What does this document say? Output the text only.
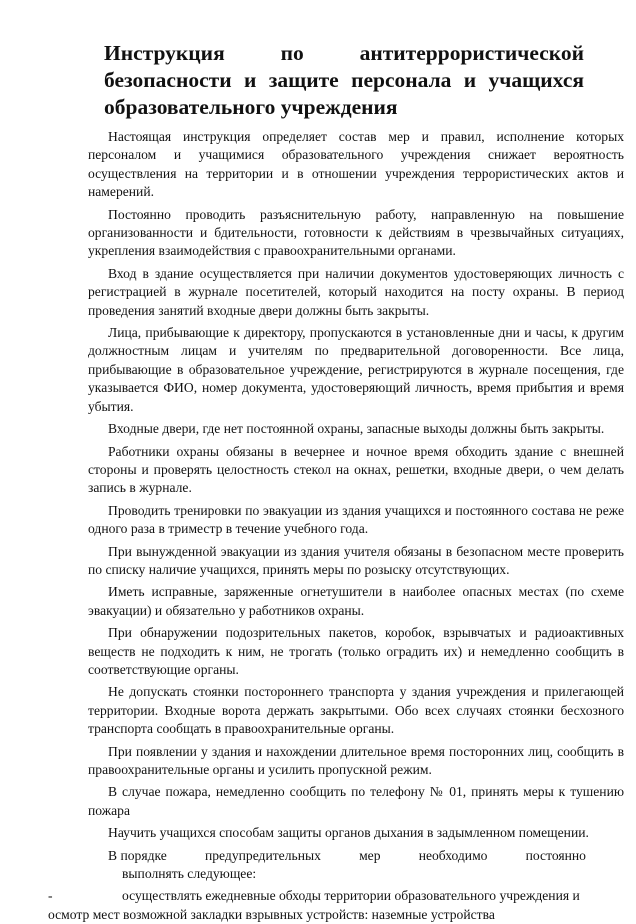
Инструкция по антитеррористической безопасности и защите персонала и учащихся образовательного учреждения

Настоящая инструкция определяет состав мер и правил, исполнение которых персоналом и учащимися образовательного учреждения снижает вероятность осуществления на территории и в отношении учреждения террористических актов и намерений.

Постоянно проводить разъяснительную работу, направленную на повышение организованности и бдительности, готовности к действиям в чрезвычайных ситуациях, укрепления взаимодействия с правоохранительными органами.

Вход в здание осуществляется при наличии документов удостоверяющих личность с регистрацией в журнале посетителей, который находится на посту охраны. В период проведения занятий входные двери должны быть закрыты.

Лица, прибывающие к директору, пропускаются в установленные дни и часы, к другим должностным лицам и учителям по предварительной договоренности. Все лица, прибывающие в образовательное учреждение, регистрируются в журнале посещения, где указывается ФИО, номер документа, удостоверяющий личность, время прибытия и время убытия.

Входные двери, где нет постоянной охраны, запасные выходы должны быть закрыты.

Работники охраны обязаны в вечернее и ночное время обходить здание с внешней стороны и проверять целостность стекол на окнах, решетки, входные двери, о чем делать запись в журнале.

Проводить тренировки по эвакуации из здания учащихся и постоянного состава не реже одного раза в триместр в течение учебного года.

При вынужденной эвакуации из здания учителя обязаны в безопасном месте проверить по списку наличие учащихся, принять меры по розыску отсутствующих.

Иметь исправные, заряженные огнетушители в наиболее опасных местах (по схеме эвакуации) и обязательно у работников охраны.

При обнаружении подозрительных пакетов, коробок, взрывчатых и радиоактивных веществ не подходить к ним, не трогать (только оградить их) и немедленно сообщить в соответствующие органы.

Не допускать стоянки постороннего транспорта у здания учреждения и прилегающей территории. Входные ворота держать закрытыми. Обо всех случаях стоянки бесхозного транспорта сообщать в правоохранительные органы.

При появлении у здания и нахождении длительное время посторонних лиц, сообщить в правоохранительные органы и усилить пропускной режим.

В случае пожара, немедленно сообщить по телефону № 01, принять меры к тушению пожара

Научить учащихся способам защиты органов дыхания в задымленном помещении.

В порядке	предупредительных	мер	необходимо	постоянно
выполнять следующее:
-	осуществлять ежедневные обходы территории образовательного учреждения и
осмотр мест возможной закладки взрывных устройств: наземные устройства
